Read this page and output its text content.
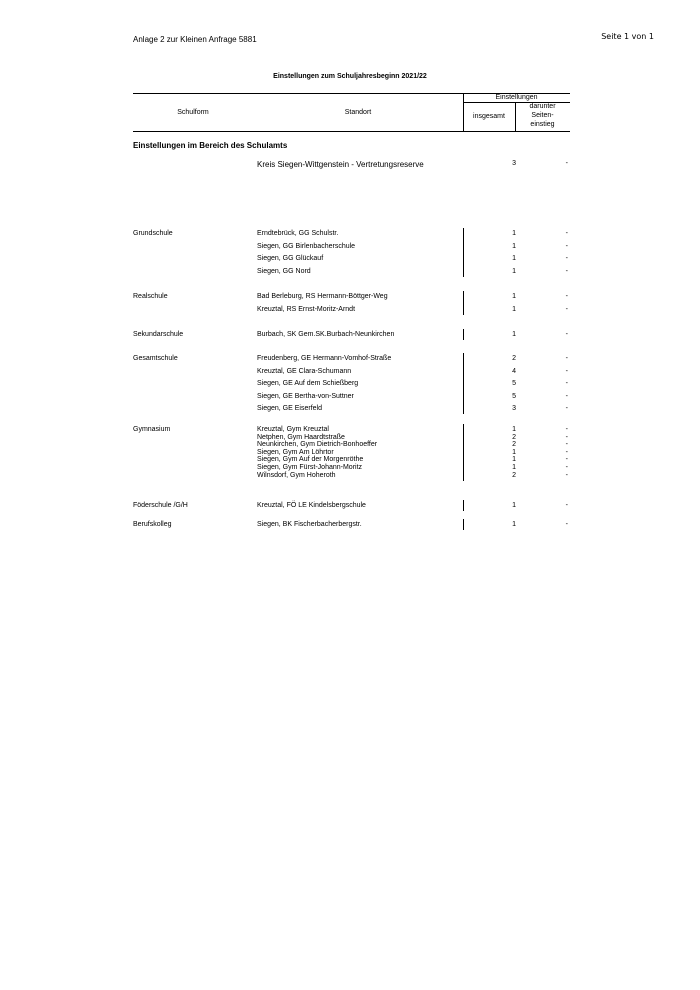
Anlage 2 zur Kleinen Anfrage 5881	Seite 1 von 1
Einstellungen zum Schuljahresbeginn 2021/22
Schulform	Standort
Einstellungen
insgesamt
darunter
Seiten-
einstieg
Einstellungen im Bereich des Schulamts
Kreis Siegen-Wittgenstein - Vertretungsreserve	3	-
Grundschule	Erndtebrück, GG Schulstr.	1	-
Siegen, GG Birlenbacherschule	1	-
Siegen, GG Glückauf	1	-
Siegen, GG Nord	1	-
Realschule	Bad Berleburg, RS Hermann-Böttger-Weg	1	-
Kreuztal, RS Ernst-Moritz-Arndt	1	-
Sekundarschule	Burbach, SK Gem.SK.Burbach-Neunkirchen	1	-
Gesamtschule	Freudenberg, GE Hermann-Vomhof-Straße	2	-
Kreuztal, GE Clara-Schumann	4	-
Siegen, GE Auf dem Schießberg	5	-
Siegen, GE Bertha-von-Suttner	5	-
Siegen, GE Eiserfeld	3	-
Gymnasium	Kreuztal, Gym Kreuztal	1	-
Netphen, Gym Haardtstraße	2	-
Neunkirchen, Gym Dietrich-Bonhoeffer	2	-
Siegen, Gym Am Löhrtor	1	-
Siegen, Gym Auf der Morgenröthe	1	-
Siegen, Gym Fürst-Johann-Moritz	1	-
Wilnsdorf, Gym Hoheroth	2	-
Föderschule /G/H	Kreuztal, FÖ LE Kindelsbergschule	1	-
Berufskolleg	Siegen, BK Fischerbacherbergstr.	1	-
